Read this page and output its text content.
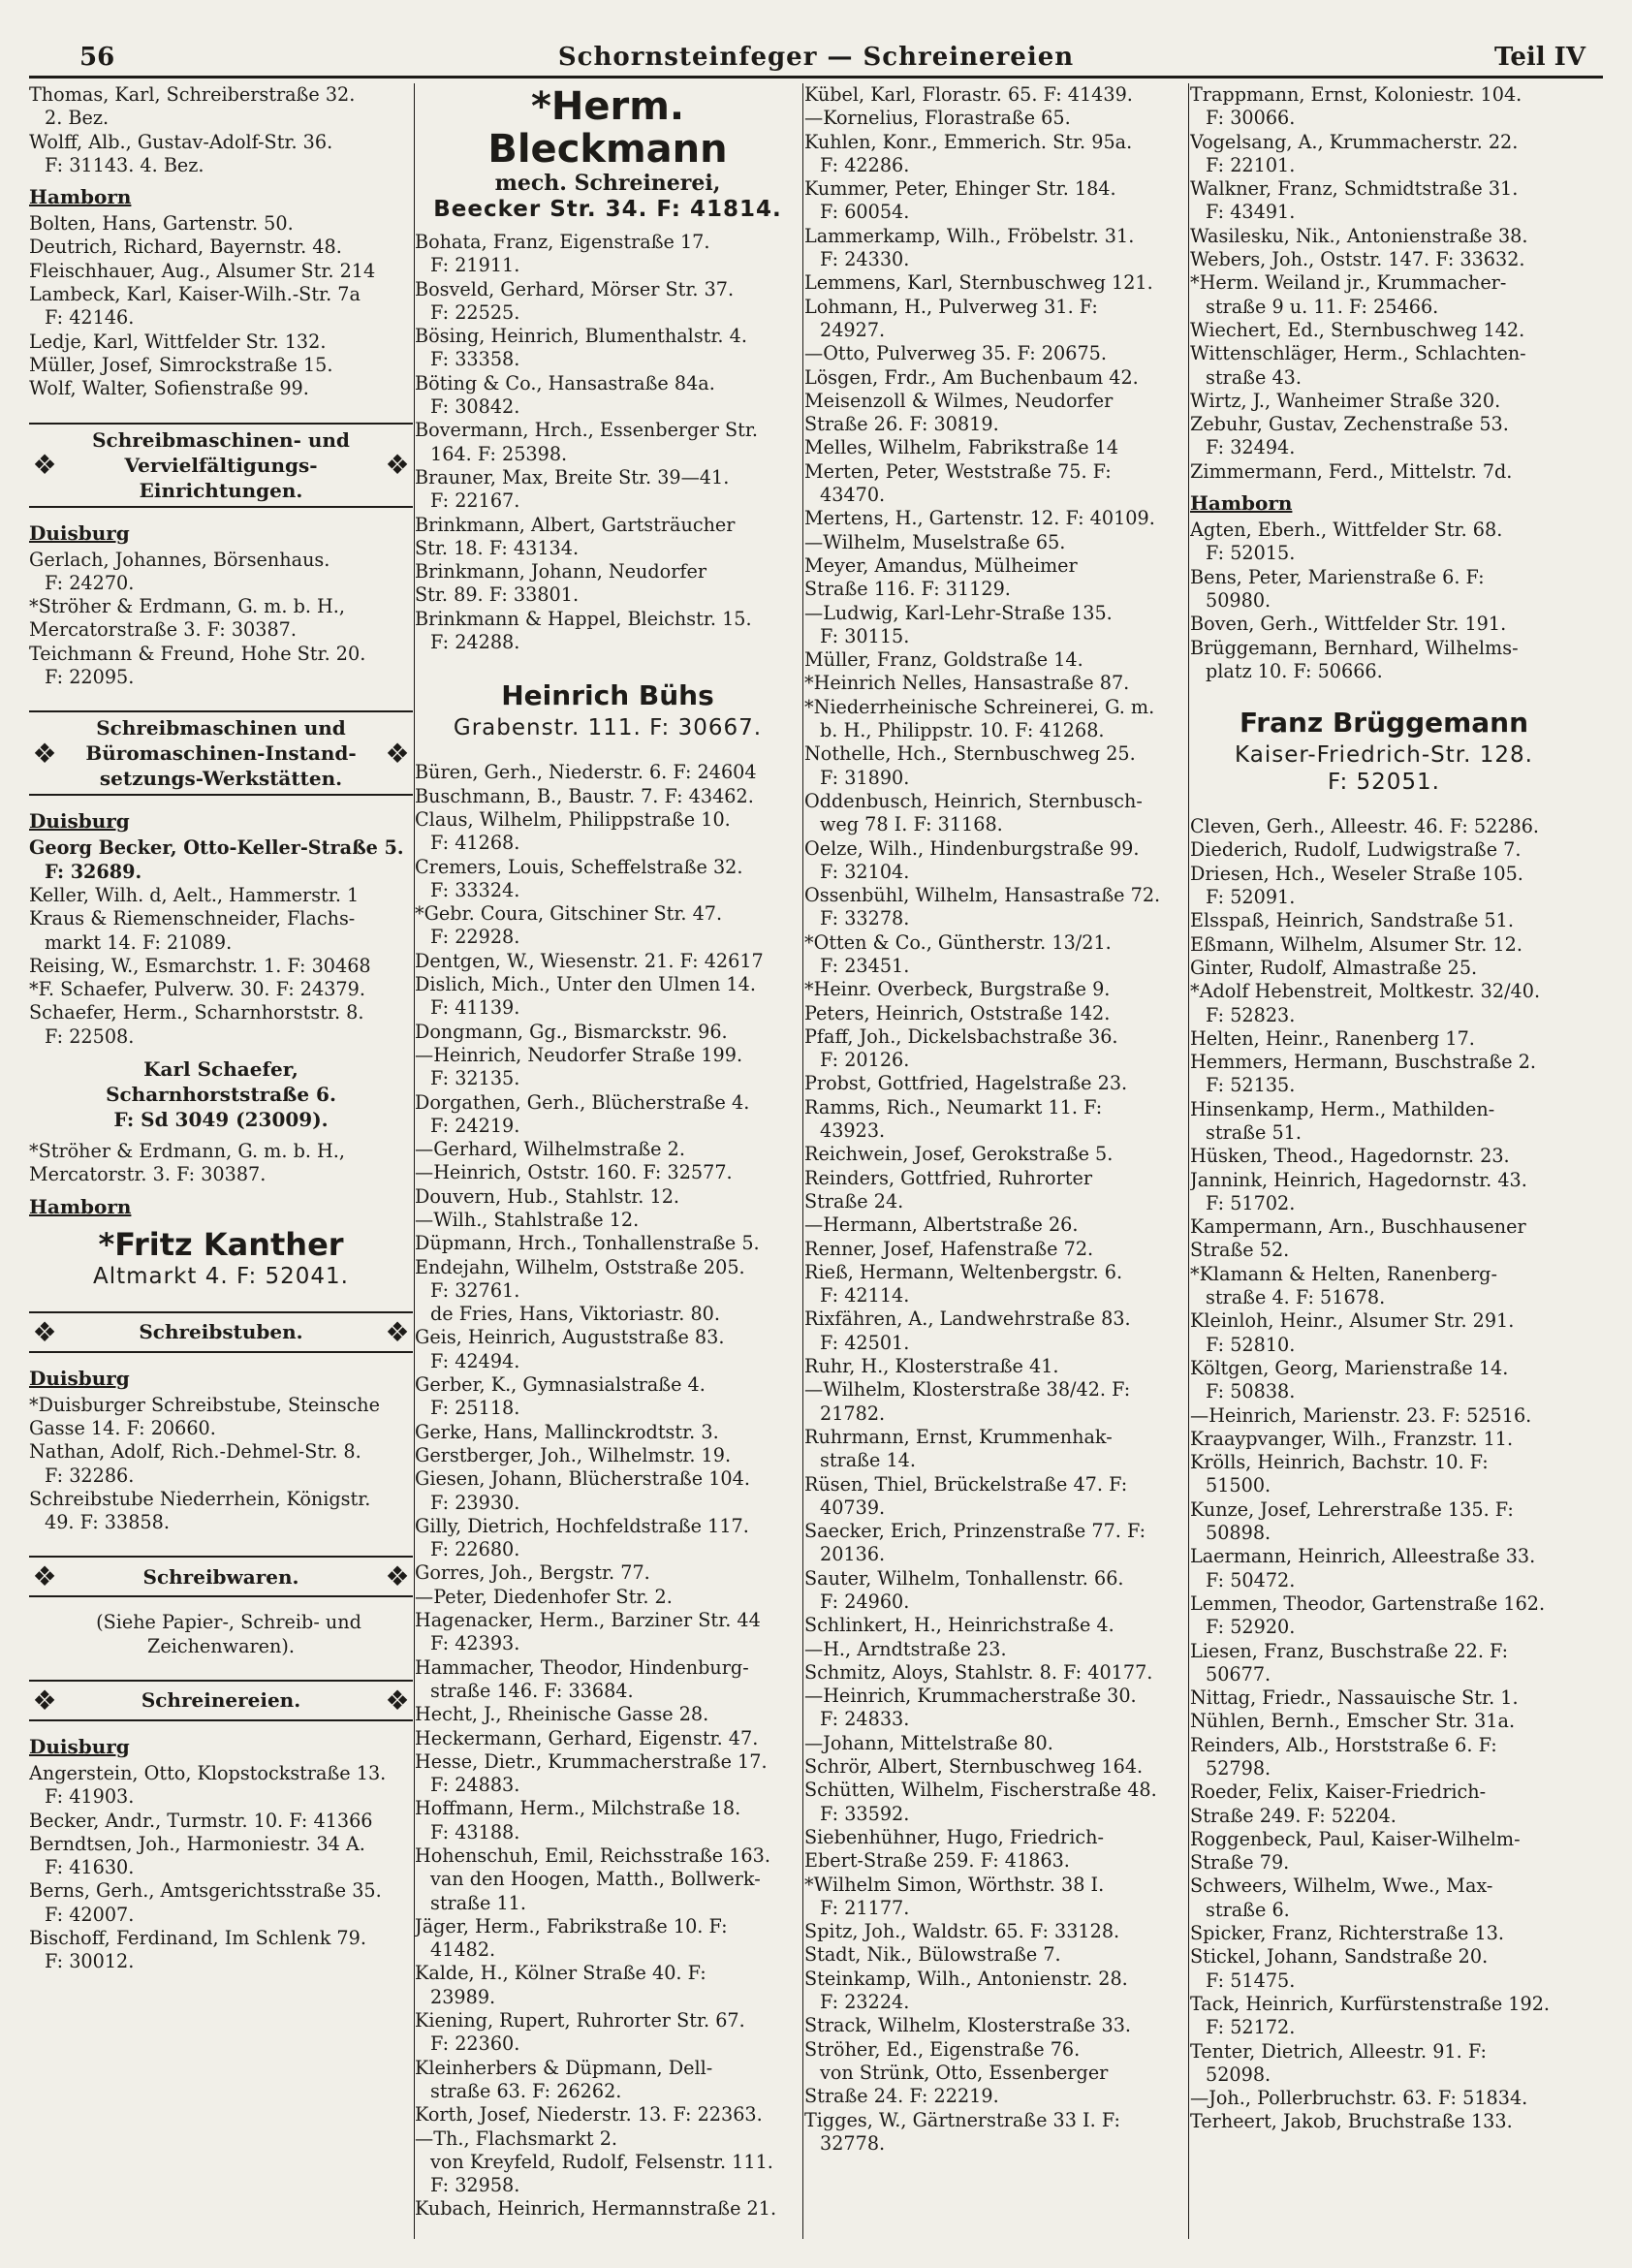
56	Schornsteinfeger — Schreinereien	Teil IV
Thomas, Karl, Schreiberstraße 32.
2. Bez.
Wolff, Alb., Gustav-Adolf-Str. 36.
F: 31143. 4. Bez.
Hamborn
Bolten, Hans, Gartenstr. 50.
Deutrich, Richard, Bayernstr. 48.
Fleischhauer, Aug., Alsumer Str. 214
Lambeck, Karl, Kaiser-Wilh.-Str. 7a
F: 42146.
Ledje, Karl, Wittfelder Str. 132.
Müller, Josef, Simrockstraße 15.
Wolf, Walter, Sofienstraße 99.
❖
Schreibmaschinen- und
Vervielfältigungs-
Einrichtungen.
❖
Duisburg
Gerlach, Johannes, Börsenhaus.
F: 24270.
*Ströher & Erdmann, G. m. b. H.,
Mercatorstraße 3. F: 30387.
Teichmann & Freund, Hohe Str. 20.
F: 22095.
❖
Schreibmaschinen und
Büromaschinen-Instand-
setzungs-Werkstätten.
❖
Duisburg
Georg Becker, Otto-Keller-Straße 5.
F: 32689.
Keller, Wilh. d, Aelt., Hammerstr. 1
Kraus & Riemenschneider, Flachs-
markt 14. F: 21089.
Reising, W., Esmarchstr. 1. F: 30468
*F. Schaefer, Pulverw. 30. F: 24379.
Schaefer, Herm., Scharnhorststr. 8.
F: 22508.
Karl Schaefer,
Scharnhorststraße 6.
F: Sd 3049 (23009).
*Ströher & Erdmann, G. m. b. H.,
Mercatorstr. 3. F: 30387.
Hamborn
*Fritz Kanther
Altmarkt 4. F: 52041.
❖	Schreibstuben.	❖
Duisburg
*Duisburger Schreibstube, Steinsche
Gasse 14. F: 20660.
Nathan, Adolf, Rich.-Dehmel-Str. 8.
F: 32286.
Schreibstube Niederrhein, Königstr.
49. F: 33858.
❖	Schreibwaren.	❖
(Siehe Papier-, Schreib- und
Zeichenwaren).
❖	Schreinereien.	❖
Duisburg
Angerstein, Otto, Klopstockstraße 13.
F: 41903.
Becker, Andr., Turmstr. 10. F: 41366
Berndtsen, Joh., Harmoniestr. 34 A.
F: 41630.
Berns, Gerh., Amtsgerichtsstraße 35.
F: 42007.
Bischoff, Ferdinand, Im Schlenk 79.
F: 30012.
*Herm. Bleckmann
mech. Schreinerei,
Beecker Str. 34. F: 41814.
Bohata, Franz, Eigenstraße 17.
F: 21911.
Bosveld, Gerhard, Mörser Str. 37.
F: 22525.
Bösing, Heinrich, Blumenthalstr. 4.
F: 33358.
Böting & Co., Hansastraße 84a.
F: 30842.
Bovermann, Hrch., Essenberger Str.
164. F: 25398.
Brauner, Max, Breite Str. 39—41.
F: 22167.
Brinkmann, Albert, Gartsträucher
Str. 18. F: 43134.
Brinkmann, Johann, Neudorfer
Str. 89. F: 33801.
Brinkmann & Happel, Bleichstr. 15.
F: 24288.
Heinrich Bühs
Grabenstr. 111. F: 30667.
Büren, Gerh., Niederstr. 6. F: 24604
Buschmann, B., Baustr. 7. F: 43462.
Claus, Wilhelm, Philippstraße 10.
F: 41268.
Cremers, Louis, Scheffelstraße 32.
F: 33324.
*Gebr. Coura, Gitschiner Str. 47.
F: 22928.
Dentgen, W., Wiesenstr. 21. F: 42617
Dislich, Mich., Unter den Ulmen 14.
F: 41139.
Dongmann, Gg., Bismarckstr. 96.
—Heinrich, Neudorfer Straße 199.
F: 32135.
Dorgathen, Gerh., Blücherstraße 4.
F: 24219.
—Gerhard, Wilhelmstraße 2.
—Heinrich, Oststr. 160. F: 32577.
Douvern, Hub., Stahlstr. 12.
—Wilh., Stahlstraße 12.
Düpmann, Hrch., Tonhallenstraße 5.
Endejahn, Wilhelm, Oststraße 205.
F: 32761.
de Fries, Hans, Viktoriastr. 80.
Geis, Heinrich, Auguststraße 83.
F: 42494.
Gerber, K., Gymnasialstraße 4.
F: 25118.
Gerke, Hans, Mallinckrodtstr. 3.
Gerstberger, Joh., Wilhelmstr. 19.
Giesen, Johann, Blücherstraße 104.
F: 23930.
Gilly, Dietrich, Hochfeldstraße 117.
F: 22680.
Gorres, Joh., Bergstr. 77.
—Peter, Diedenhofer Str. 2.
Hagenacker, Herm., Barziner Str. 44
F: 42393.
Hammacher, Theodor, Hindenburg-
straße 146. F: 33684.
Hecht, J., Rheinische Gasse 28.
Heckermann, Gerhard, Eigenstr. 47.
Hesse, Dietr., Krummacherstraße 17.
F: 24883.
Hoffmann, Herm., Milchstraße 18.
F: 43188.
Hohenschuh, Emil, Reichsstraße 163.
van den Hoogen, Matth., Bollwerk-
straße 11.
Jäger, Herm., Fabrikstraße 10. F:
41482.
Kalde, H., Kölner Straße 40. F:
23989.
Kiening, Rupert, Ruhrorter Str. 67.
F: 22360.
Kleinherbers & Düpmann, Dell-
straße 63. F: 26262.
Korth, Josef, Niederstr. 13. F: 22363.
—Th., Flachsmarkt 2.
von Kreyfeld, Rudolf, Felsenstr. 111.
F: 32958.
Kubach, Heinrich, Hermannstraße 21.
Kübel, Karl, Florastr. 65. F: 41439.
—Kornelius, Florastraße 65.
Kuhlen, Konr., Emmerich. Str. 95a.
F: 42286.
Kummer, Peter, Ehinger Str. 184.
F: 60054.
Lammerkamp, Wilh., Fröbelstr. 31.
F: 24330.
Lemmens, Karl, Sternbuschweg 121.
Lohmann, H., Pulverweg 31. F:
24927.
—Otto, Pulverweg 35. F: 20675.
Lösgen, Frdr., Am Buchenbaum 42.
Meisenzoll & Wilmes, Neudorfer
Straße 26. F: 30819.
Melles, Wilhelm, Fabrikstraße 14
Merten, Peter, Weststraße 75. F:
43470.
Mertens, H., Gartenstr. 12. F: 40109.
—Wilhelm, Muselstraße 65.
Meyer, Amandus, Mülheimer
Straße 116. F: 31129.
—Ludwig, Karl-Lehr-Straße 135.
F: 30115.
Müller, Franz, Goldstraße 14.
*Heinrich Nelles, Hansastraße 87.
*Niederrheinische Schreinerei, G. m.
b. H., Philippstr. 10. F: 41268.
Nothelle, Hch., Sternbuschweg 25.
F: 31890.
Oddenbusch, Heinrich, Sternbusch-
weg 78 I. F: 31168.
Oelze, Wilh., Hindenburgstraße 99.
F: 32104.
Ossenbühl, Wilhelm, Hansastraße 72.
F: 33278.
*Otten & Co., Güntherstr. 13/21.
F: 23451.
*Heinr. Overbeck, Burgstraße 9.
Peters, Heinrich, Oststraße 142.
Pfaff, Joh., Dickelsbachstraße 36.
F: 20126.
Probst, Gottfried, Hagelstraße 23.
Ramms, Rich., Neumarkt 11. F:
43923.
Reichwein, Josef, Gerokstraße 5.
Reinders, Gottfried, Ruhrorter
Straße 24.
—Hermann, Albertstraße 26.
Renner, Josef, Hafenstraße 72.
Rieß, Hermann, Weltenbergstr. 6.
F: 42114.
Rixfähren, A., Landwehrstraße 83.
F: 42501.
Ruhr, H., Klosterstraße 41.
—Wilhelm, Klosterstraße 38/42. F:
21782.
Ruhrmann, Ernst, Krummenhak-
straße 14.
Rüsen, Thiel, Brückelstraße 47. F:
40739.
Saecker, Erich, Prinzenstraße 77. F:
20136.
Sauter, Wilhelm, Tonhallenstr. 66.
F: 24960.
Schlinkert, H., Heinrichstraße 4.
—H., Arndtstraße 23.
Schmitz, Aloys, Stahlstr. 8. F: 40177.
—Heinrich, Krummacherstraße 30.
F: 24833.
—Johann, Mittelstraße 80.
Schrör, Albert, Sternbuschweg 164.
Schütten, Wilhelm, Fischerstraße 48.
F: 33592.
Siebenhühner, Hugo, Friedrich-
Ebert-Straße 259. F: 41863.
*Wilhelm Simon, Wörthstr. 38 I.
F: 21177.
Spitz, Joh., Waldstr. 65. F: 33128.
Stadt, Nik., Bülowstraße 7.
Steinkamp, Wilh., Antonienstr. 28.
F: 23224.
Strack, Wilhelm, Klosterstraße 33.
Ströher, Ed., Eigenstraße 76.
von Strünk, Otto, Essenberger
Straße 24. F: 22219.
Tigges, W., Gärtnerstraße 33 I. F:
32778.
Trappmann, Ernst, Koloniestr. 104.
F: 30066.
Vogelsang, A., Krummacherstr. 22.
F: 22101.
Walkner, Franz, Schmidtstraße 31.
F: 43491.
Wasilesku, Nik., Antonienstraße 38.
Webers, Joh., Oststr. 147. F: 33632.
*Herm. Weiland jr., Krummacher-
straße 9 u. 11. F: 25466.
Wiechert, Ed., Sternbuschweg 142.
Wittenschläger, Herm., Schlachten-
straße 43.
Wirtz, J., Wanheimer Straße 320.
Zebuhr, Gustav, Zechenstraße 53.
F: 32494.
Zimmermann, Ferd., Mittelstr. 7d.
Hamborn
Agten, Eberh., Wittfelder Str. 68.
F: 52015.
Bens, Peter, Marienstraße 6. F:
50980.
Boven, Gerh., Wittfelder Str. 191.
Brüggemann, Bernhard, Wilhelms-
platz 10. F: 50666.
Franz Brüggemann
Kaiser-Friedrich-Str. 128.
F: 52051.
Cleven, Gerh., Alleestr. 46. F: 52286.
Diederich, Rudolf, Ludwigstraße 7.
Driesen, Hch., Weseler Straße 105.
F: 52091.
Elsspaß, Heinrich, Sandstraße 51.
Eßmann, Wilhelm, Alsumer Str. 12.
Ginter, Rudolf, Almastraße 25.
*Adolf Hebenstreit, Moltkestr. 32/40.
F: 52823.
Helten, Heinr., Ranenberg 17.
Hemmers, Hermann, Buschstraße 2.
F: 52135.
Hinsenkamp, Herm., Mathilden-
straße 51.
Hüsken, Theod., Hagedornstr. 23.
Jannink, Heinrich, Hagedornstr. 43.
F: 51702.
Kampermann, Arn., Buschhausener
Straße 52.
*Klamann & Helten, Ranenberg-
straße 4. F: 51678.
Kleinloh, Heinr., Alsumer Str. 291.
F: 52810.
Költgen, Georg, Marienstraße 14.
F: 50838.
—Heinrich, Marienstr. 23. F: 52516.
Kraaypvanger, Wilh., Franzstr. 11.
Krölls, Heinrich, Bachstr. 10. F:
51500.
Kunze, Josef, Lehrerstraße 135. F:
50898.
Laermann, Heinrich, Alleestraße 33.
F: 50472.
Lemmen, Theodor, Gartenstraße 162.
F: 52920.
Liesen, Franz, Buschstraße 22. F:
50677.
Nittag, Friedr., Nassauische Str. 1.
Nühlen, Bernh., Emscher Str. 31a.
Reinders, Alb., Horststraße 6. F:
52798.
Roeder, Felix, Kaiser-Friedrich-
Straße 249. F: 52204.
Roggenbeck, Paul, Kaiser-Wilhelm-
Straße 79.
Schweers, Wilhelm, Wwe., Max-
straße 6.
Spicker, Franz, Richterstraße 13.
Stickel, Johann, Sandstraße 20.
F: 51475.
Tack, Heinrich, Kurfürstenstraße 192.
F: 52172.
Tenter, Dietrich, Alleestr. 91. F:
52098.
—Joh., Pollerbruchstr. 63. F: 51834.
Terheert, Jakob, Bruchstraße 133.
